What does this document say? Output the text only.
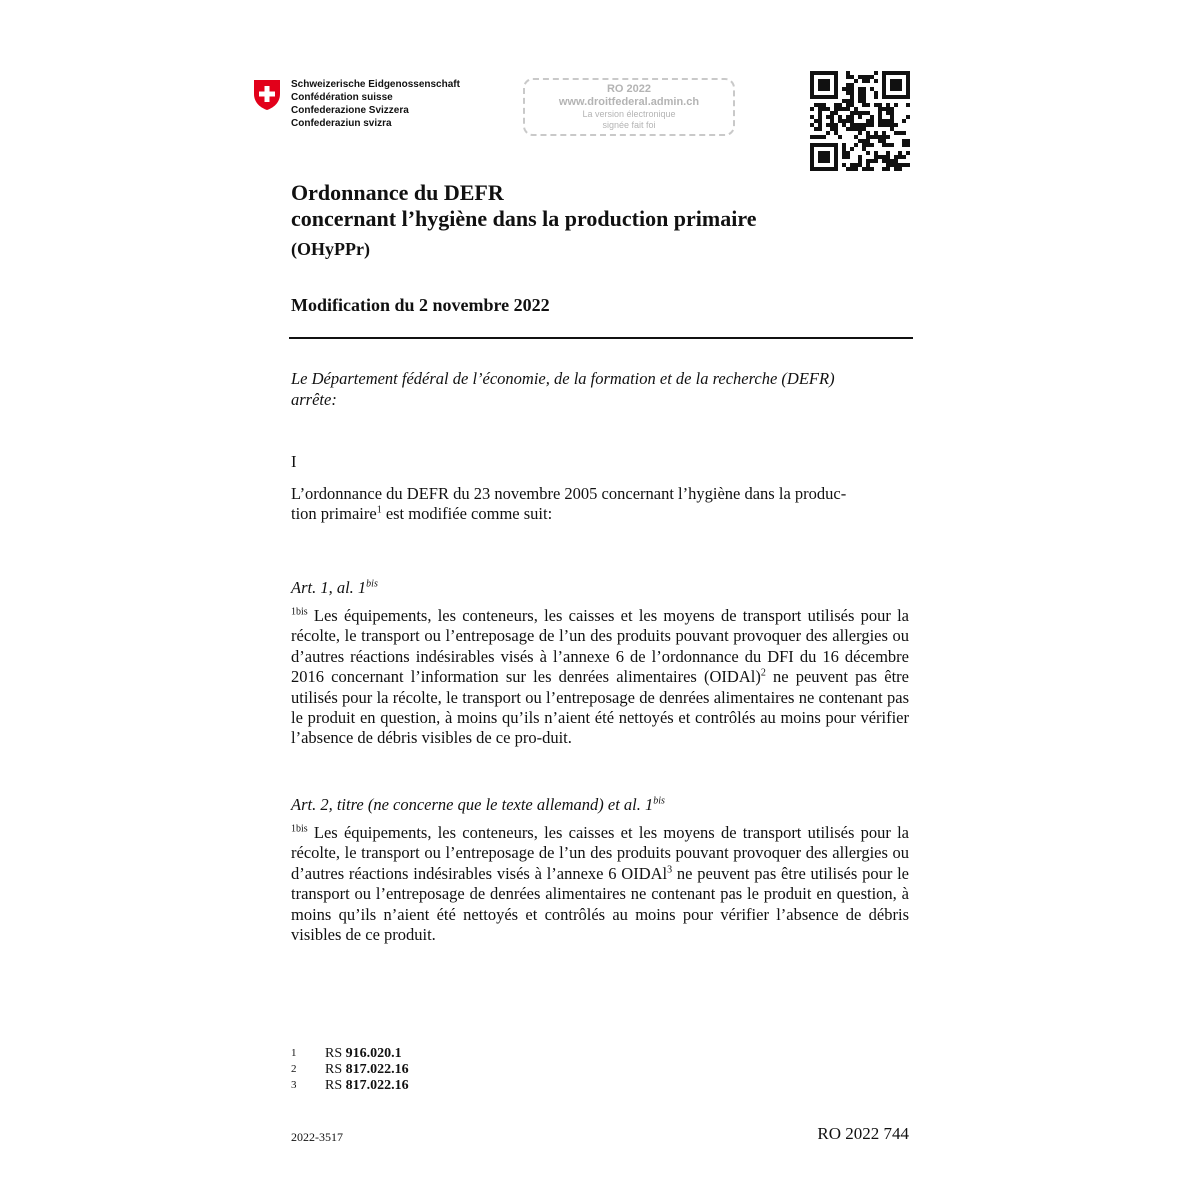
Schweizerische Eidgenossenschaft
Confédération suisse
Confederazione Svizzera
Confederaziun svizra
RO 2022
www.droitfederal.admin.ch
La version électronique
signée fait foi
Ordonnance du DEFR
concernant l’hygiène dans la production primaire
(OHyPPr)
Modification du 2 novembre 2022
Le Département fédéral de l’économie, de la formation et de la recherche (DEFR)
arrête:
I
L’ordonnance du DEFR du 23 novembre 2005 concernant l’hygiène dans la produc-
tion primaire$^1$ est modifiée comme suit:
Art. 1, al. $1^{bis}$
$^{1bis}$ Les équipements, les conteneurs, les caisses et les moyens de transport utilisés pour la récolte, le transport ou l’entreposage de l’un des produits pouvant provoquer des allergies ou d’autres réactions indésirables visés à l’annexe 6 de l’ordonnance du DFI du 16 décembre 2016 concernant l’information sur les denrées alimentaires (OIDAl)$^2$ ne peuvent pas être utilisés pour la récolte, le transport ou l’entreposage de denrées alimentaires ne contenant pas le produit en question, à moins qu’ils n’aient été nettoyés et contrôlés au moins pour vérifier l’absence de débris visibles de ce pro-duit.
Art. 2, titre (ne concerne que le texte allemand) et al. $1^{bis}$
$^{1bis}$ Les équipements, les conteneurs, les caisses et les moyens de transport utilisés pour la récolte, le transport ou l’entreposage de l’un des produits pouvant provoquer des allergies ou d’autres réactions indésirables visés à l’annexe 6 OIDAl$^3$ ne peuvent pas être utilisés pour le transport ou l’entreposage de denrées alimentaires ne contenant pas le produit en question, à moins qu’ils n’aient été nettoyés et contrôlés au moins pour vérifier l’absence de débris visibles de ce produit.
1 RS 916.020.1
2 RS 817.022.16
3 RS 817.022.16
2022-3517	RO 2022 744
